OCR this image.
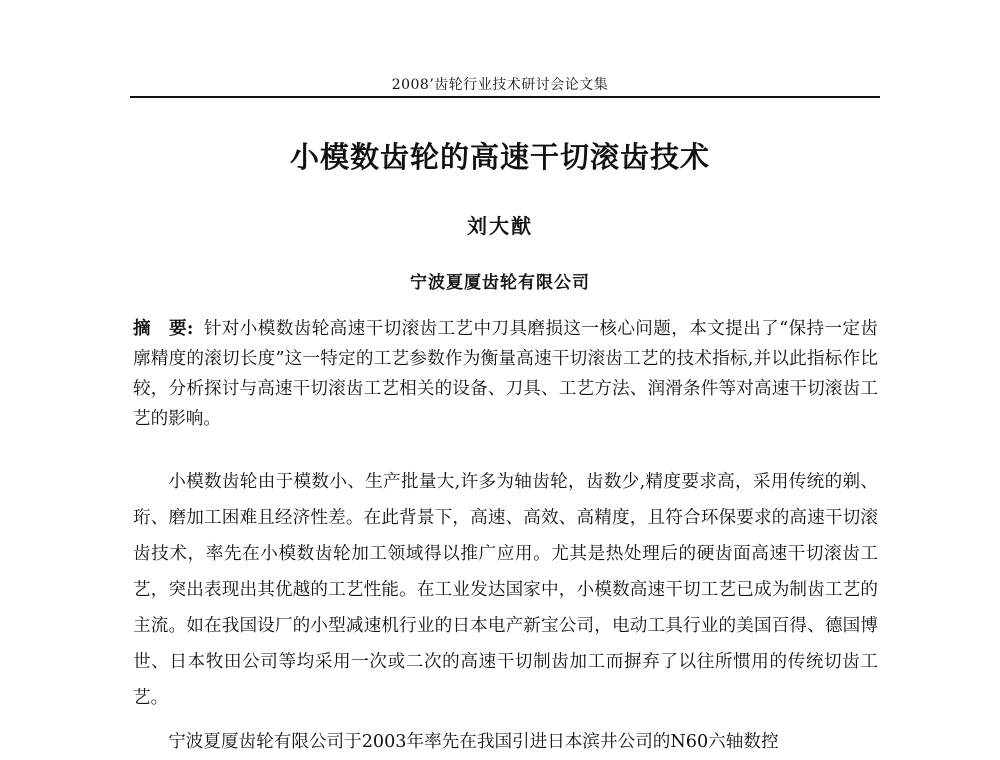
2008’齿轮行业技术研讨会论文集
小模数齿轮的高速干切滚齿技术
刘大猷
宁波夏厦齿轮有限公司
摘　要: 针对小模数齿轮高速干切滚齿工艺中刀具磨损这一核心问题，本文提出了“保持一定齿廓精度的滚切长度”这一特定的工艺参数作为衡量高速干切滚齿工艺的技术指标,并以此指标作比较，分析探讨与高速干切滚齿工艺相关的设备、刀具、工艺方法、润滑条件等对高速干切滚齿工艺的影响。

小模数齿轮由于模数小、生产批量大,许多为轴齿轮，齿数少,精度要求高，采用传统的剃、珩、磨加工困难且经济性差。在此背景下，高速、高效、高精度，且符合环保要求的高速干切滚齿技术，率先在小模数齿轮加工领域得以推广应用。尤其是热处理后的硬齿面高速干切滚齿工艺，突出表现出其优越的工艺性能。在工业发达国家中，小模数高速干切工艺已成为制齿工艺的主流。如在我国设厂的小型减速机行业的日本电产新宝公司，电动工具行业的美国百得、德国博世、日本牧田公司等均采用一次或二次的高速干切制齿加工而摒弃了以往所惯用的传统切齿工艺。

宁波夏厦齿轮有限公司于2003年率先在我国引进日本滨井公司的N60六轴数控
